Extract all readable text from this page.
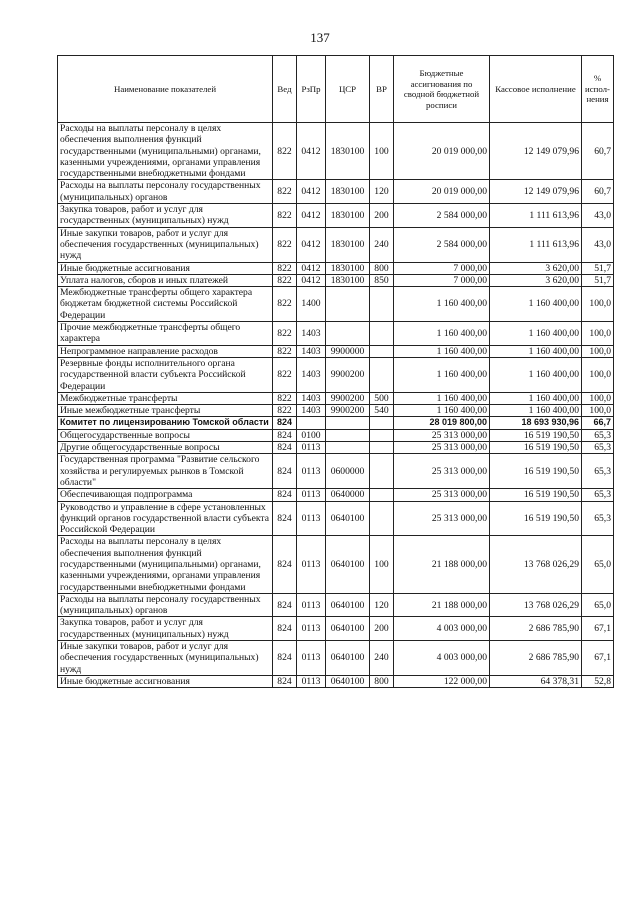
137
Наименование показателей	Вед	РзПр	ЦСР	ВР	Бюджетные ассигнования по сводной бюджетной росписи	Кассовое исполнение	% испол-нения
Расходы на выплаты персоналу в целях обеспечения выполнения функций государственными (муниципальными) органами, казенными учреждениями, органами управления государственными внебюджетными фондами	822	0412	1830100	100	20 019 000,00	12 149 079,96	60,7
Расходы на выплаты персоналу государственных (муниципальных) органов	822	0412	1830100	120	20 019 000,00	12 149 079,96	60,7
Закупка товаров, работ и услуг для государственных (муниципальных) нужд	822	0412	1830100	200	2 584 000,00	1 111 613,96	43,0
Иные закупки товаров, работ и услуг для обеспечения государственных (муниципальных) нужд	822	0412	1830100	240	2 584 000,00	1 111 613,96	43,0
Иные бюджетные ассигнования	822	0412	1830100	800	7 000,00	3 620,00	51,7
Уплата налогов, сборов и иных платежей	822	0412	1830100	850	7 000,00	3 620,00	51,7
Межбюджетные трансферты общего характера бюджетам бюджетной системы Российской Федерации	822	1400			1 160 400,00	1 160 400,00	100,0
Прочие межбюджетные трансферты общего характера	822	1403			1 160 400,00	1 160 400,00	100,0
Непрограммное направление расходов	822	1403	9900000		1 160 400,00	1 160 400,00	100,0
Резервные фонды исполнительного органа государственной власти субъекта Российской Федерации	822	1403	9900200		1 160 400,00	1 160 400,00	100,0
Межбюджетные трансферты	822	1403	9900200	500	1 160 400,00	1 160 400,00	100,0
Иные межбюджетные трансферты	822	1403	9900200	540	1 160 400,00	1 160 400,00	100,0
Комитет по лицензированию Томской области	824				28 019 800,00	18 693 930,96	66,7
Общегосударственные вопросы	824	0100			25 313 000,00	16 519 190,50	65,3
Другие общегосударственные вопросы	824	0113			25 313 000,00	16 519 190,50	65,3
Государственная программа "Развитие сельского хозяйства и регулируемых рынков в Томской области"	824	0113	0600000		25 313 000,00	16 519 190,50	65,3
Обеспечивающая подпрограмма	824	0113	0640000		25 313 000,00	16 519 190,50	65,3
Руководство и управление в сфере установленных функций органов государственной власти субъекта Российской Федерации	824	0113	0640100		25 313 000,00	16 519 190,50	65,3
Расходы на выплаты персоналу в целях обеспечения выполнения функций государственными (муниципальными) органами, казенными учреждениями, органами управления государственными внебюджетными фондами	824	0113	0640100	100	21 188 000,00	13 768 026,29	65,0
Расходы на выплаты персоналу государственных (муниципальных) органов	824	0113	0640100	120	21 188 000,00	13 768 026,29	65,0
Закупка товаров, работ и услуг для государственных (муниципальных) нужд	824	0113	0640100	200	4 003 000,00	2 686 785,90	67,1
Иные закупки товаров, работ и услуг для обеспечения государственных (муниципальных) нужд	824	0113	0640100	240	4 003 000,00	2 686 785,90	67,1
Иные бюджетные ассигнования	824	0113	0640100	800	122 000,00	64 378,31	52,8
